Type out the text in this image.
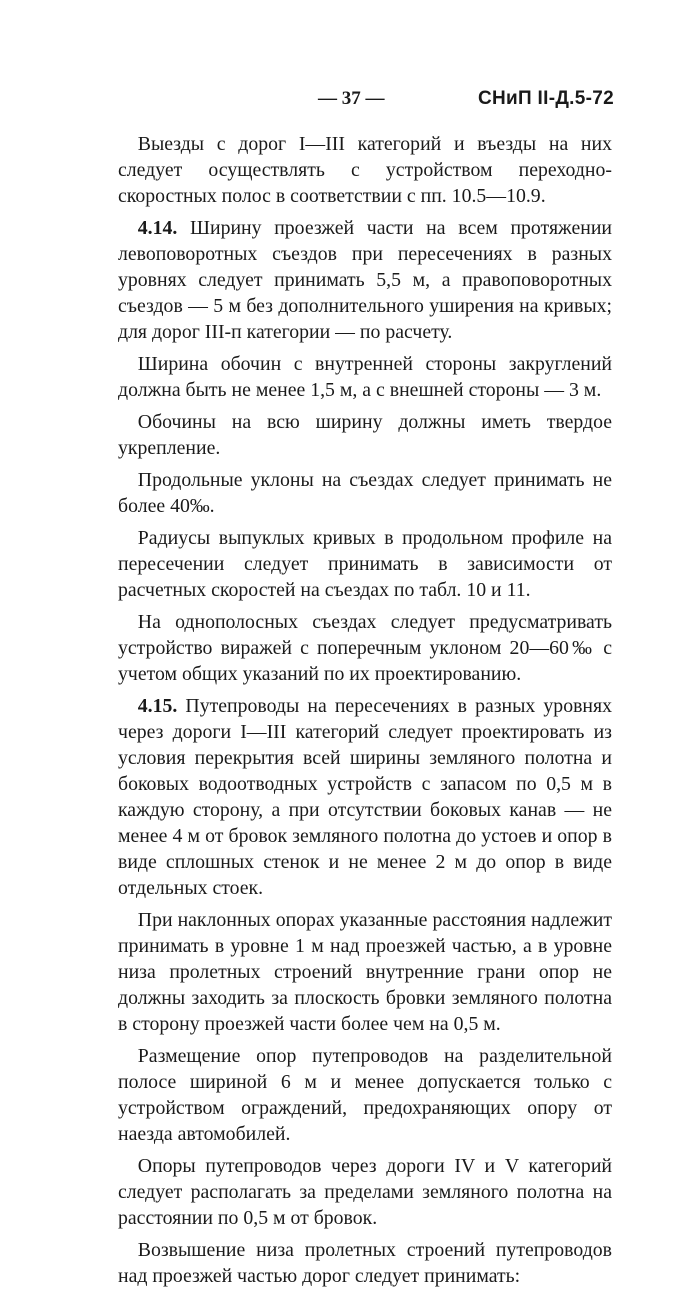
— 37 —	СНиП II-Д.5-72

 Выезды с дорог I—III категорий и въезды на них следует осуществлять с устройством переходно-скоростных полос в соответствии с пп. 10.5—10.9.

 4.14. Ширину проезжей части на всем протяжении левоповоротных съездов при пересечениях в разных уровнях следует принимать 5,5 м, а правоповоротных съездов — 5 м без дополнительного уширения на кривых; для дорог III-п категории — по расчету.

 Ширина обочин с внутренней стороны закруглений должна быть не менее 1,5 м, а с внешней стороны — 3 м.

 Обочины на всю ширину должны иметь твердое укрепление.

 Продольные уклоны на съездах следует принимать не более 40‰.

 Радиусы выпуклых кривых в продольном профиле на пересечении следует принимать в зависимости от расчетных скоростей на съездах по табл. 10 и 11.

 На однополосных съездах следует предусматривать устройство виражей с поперечным уклоном 20—60‰ с учетом общих указаний по их проектированию.

 4.15. Путепроводы на пересечениях в разных уровнях через дороги I—III категорий следует проектировать из условия перекрытия всей ширины земляного полотна и боковых водоотводных устройств с запасом по 0,5 м в каждую сторону, а при отсутствии боковых канав — не менее 4 м от бровок земляного полотна до устоев и опор в виде сплошных стенок и не менее 2 м до опор в виде отдельных стоек.

 При наклонных опорах указанные расстояния надлежит принимать в уровне 1 м над проезжей частью, а в уровне низа пролетных строений внутренние грани опор не должны заходить за плоскость бровки земляного полотна в сторону проезжей части более чем на 0,5 м.

 Размещение опор путепроводов на разделительной полосе шириной 6 м и менее допускается только с устройством ограждений, предохраняющих опору от наезда автомобилей.

 Опоры путепроводов через дороги IV и V категорий следует располагать за пределами земляного полотна на расстоянии по 0,5 м от бровок.

 Возвышение низа пролетных строений путепроводов над проезжей частью дорог следует принимать:
